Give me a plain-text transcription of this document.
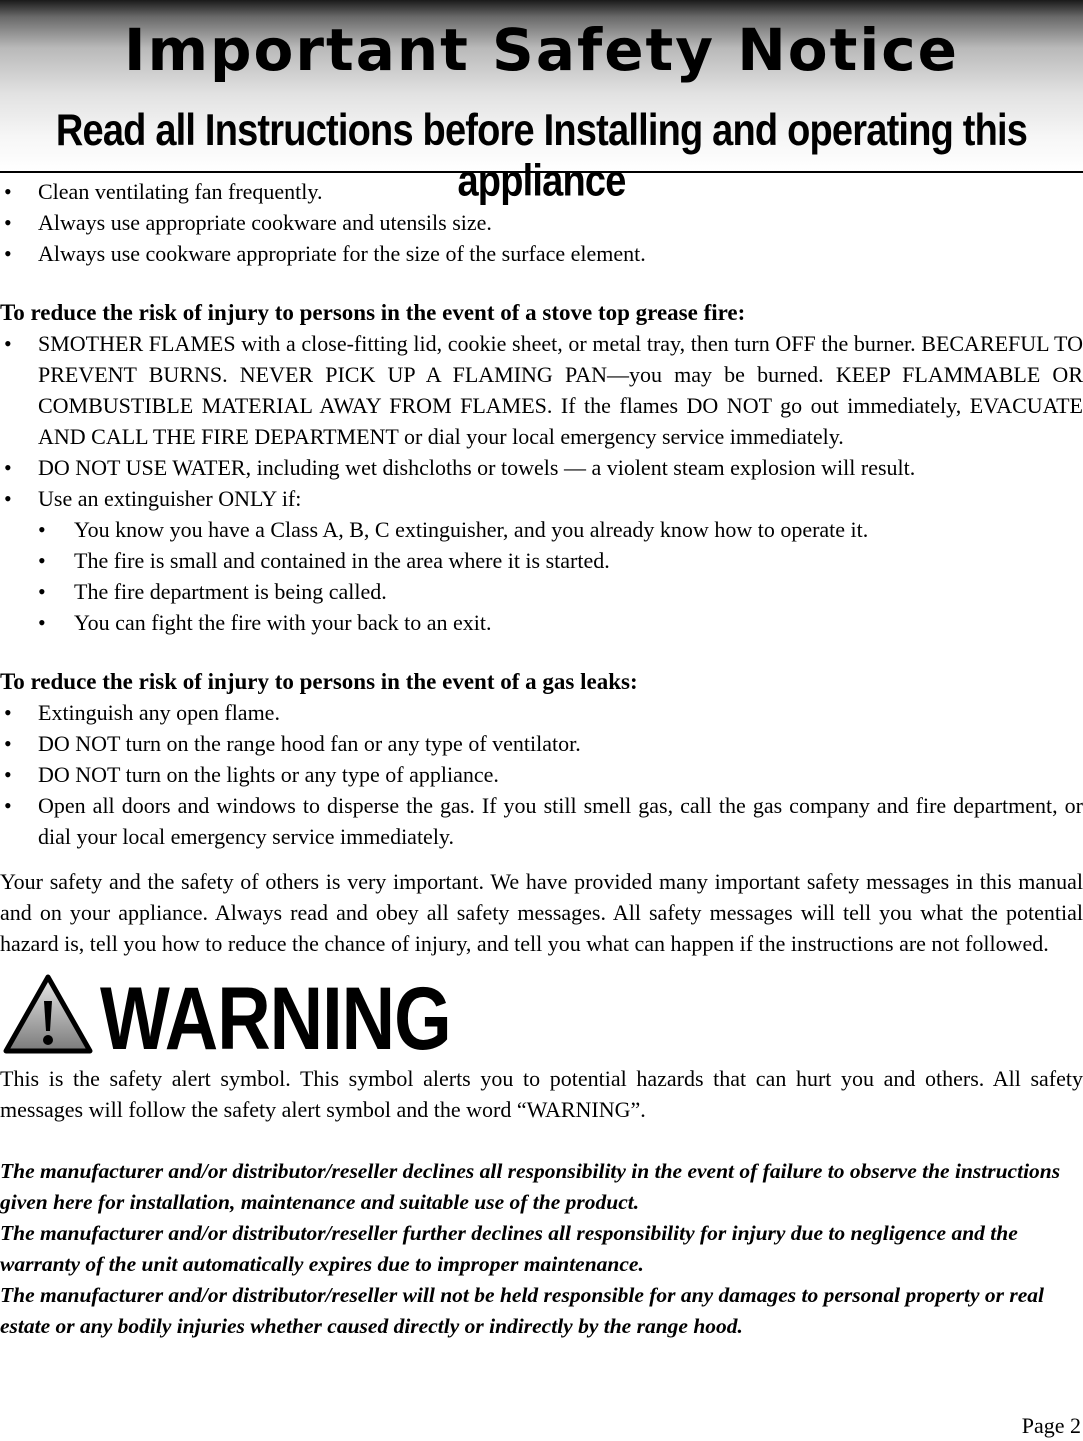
Important Safety Notice
Read all Instructions before Installing and operating this appliance
• Clean ventilating fan frequently.
• Always use appropriate cookware and utensils size.
• Always use cookware appropriate for the size of the surface element.

To reduce the risk of injury to persons in the event of a stove top grease fire:

• SMOTHER FLAMES with a close-fitting lid, cookie sheet, or metal tray, then turn OFF the burner. BECAREFUL TO PREVENT BURNS. NEVER PICK UP A FLAMING PAN—you may be burned. KEEP FLAMMABLE OR COMBUSTIBLE MATERIAL AWAY FROM FLAMES. If the flames DO NOT go out immediately, EVACUATE AND CALL THE FIRE DEPARTMENT or dial your local emergency service immediately.
• DO NOT USE WATER, including wet dishcloths or towels — a violent steam explosion will result.
• Use an extinguisher ONLY if:
• You know you have a Class A, B, C extinguisher, and you already know how to operate it.
• The fire is small and contained in the area where it is started.
• The fire department is being called.
• You can fight the fire with your back to an exit.

To reduce the risk of injury to persons in the event of a gas leaks:

• Extinguish any open flame.
• DO NOT turn on the range hood fan or any type of ventilator.
• DO NOT turn on the lights or any type of appliance.
• Open all doors and windows to disperse the gas. If you still smell gas, call the gas company and fire department, or dial your local emergency service immediately.

Your safety and the safety of others is very important. We have provided many important safety messages in this manual and on your appliance. Always read and obey all safety messages. All safety messages will tell you what the potential hazard is, tell you how to reduce the chance of injury, and tell you what can happen if the instructions are not followed.

WARNING

This is the safety alert symbol. This symbol alerts you to potential hazards that can hurt you and others. All safety messages will follow the safety alert symbol and the word “WARNING”.

The manufacturer and/or distributor/reseller declines all responsibility in the event of failure to observe the instructions given here for installation, maintenance and suitable use of the product.

The manufacturer and/or distributor/reseller further declines all responsibility for injury due to negligence and the warranty of the unit automatically expires due to improper maintenance.

The manufacturer and/or distributor/reseller will not be held responsible for any damages to personal property or real estate or any bodily injuries whether caused directly or indirectly by the range hood.

Page 2
